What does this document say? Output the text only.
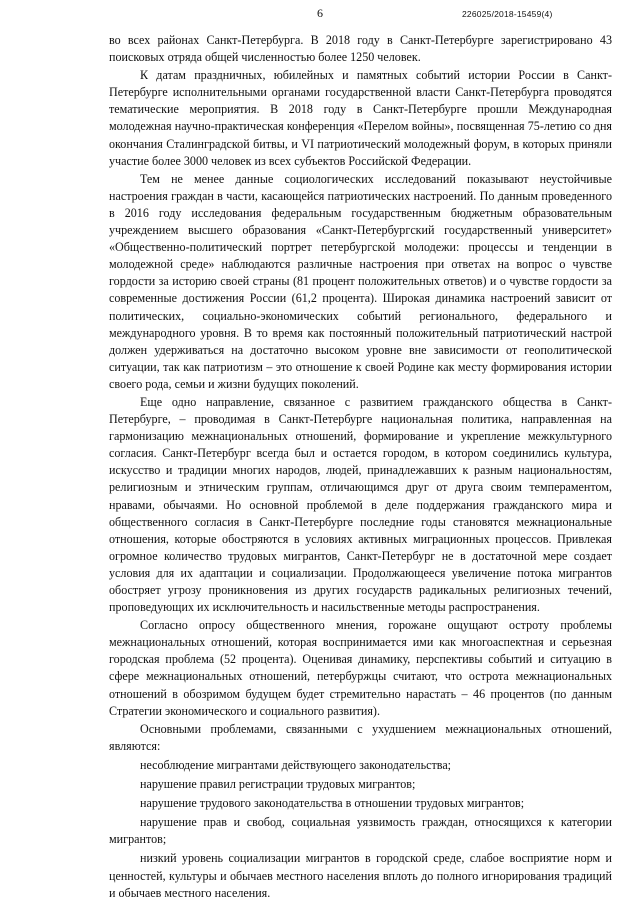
6	226025/2018-15459(4)

во всех районах Санкт-Петербурга. В 2018 году в Санкт-Петербурге зарегистрировано 43 поисковых отряда общей численностью более 1250 человек.

К датам праздничных, юбилейных и памятных событий истории России в Санкт-Петербурге исполнительными органами государственной власти Санкт-Петербурга проводятся тематические мероприятия. В 2018 году в Санкт-Петербурге прошли Международная молодежная научно-практическая конференция «Перелом войны», посвященная 75-летию со дня окончания Сталинградской битвы, и VI патриотический молодежный форум, в которых приняли участие более 3000 человек из всех субъектов Российской Федерации.

Тем не менее данные социологических исследований показывают неустойчивые настроения граждан в части, касающейся патриотических настроений. По данным проведенного в 2016 году исследования федеральным государственным бюджетным образовательным учреждением высшего образования «Санкт-Петербургский государственный университет» «Общественно-политический портрет петербургской молодежи: процессы и тенденции в молодежной среде» наблюдаются различные настроения при ответах на вопрос о чувстве гордости за историю своей страны (81 процент положительных ответов) и о чувстве гордости за современные достижения России (61,2 процента). Широкая динамика настроений зависит от политических, социально-экономических событий регионального, федерального и международного уровня. В то время как постоянный положительный патриотический настрой должен удерживаться на достаточно высоком уровне вне зависимости от геополитической ситуации, так как патриотизм – это отношение к своей Родине как месту формирования истории своего рода, семьи и жизни будущих поколений.

Еще одно направление, связанное с развитием гражданского общества в Санкт-Петербурге, – проводимая в Санкт-Петербурге национальная политика, направленная на гармонизацию межнациональных отношений, формирование и укрепление межкультурного согласия. Санкт-Петербург всегда был и остается городом, в котором соединились культура, искусство и традиции многих народов, людей, принадлежавших к разным национальностям, религиозным и этническим группам, отличающимся друг от друга своим темпераментом, нравами, обычаями. Но основной проблемой в деле поддержания гражданского мира и общественного согласия в Санкт-Петербурге последние годы становятся межнациональные отношения, которые обостряются в условиях активных миграционных процессов. Привлекая огромное количество трудовых мигрантов, Санкт-Петербург не в достаточной мере создает условия для их адаптации и социализации. Продолжающееся увеличение потока мигрантов обостряет угрозу проникновения из других государств радикальных религиозных течений, проповедующих их исключительность и насильственные методы распространения.

Согласно опросу общественного мнения, горожане ощущают остроту проблемы межнациональных отношений, которая воспринимается ими как многоаспектная и серьезная городская проблема (52 процента). Оценивая динамику, перспективы событий и ситуацию в сфере межнациональных отношений, петербуржцы считают, что острота межнациональных отношений в обозримом будущем будет стремительно нарастать – 46 процентов (по данным Стратегии экономического и социального развития).

Основными проблемами, связанными с ухудшением межнациональных отношений, являются:

несоблюдение мигрантами действующего законодательства;

нарушение правил регистрации трудовых мигрантов;

нарушение трудового законодательства в отношении трудовых мигрантов;

нарушение прав и свобод, социальная уязвимость граждан, относящихся к категории мигрантов;

низкий уровень социализации мигрантов в городской среде, слабое восприятие норм и ценностей, культуры и обычаев местного населения вплоть до полного игнорирования традиций и обычаев местного населения.
